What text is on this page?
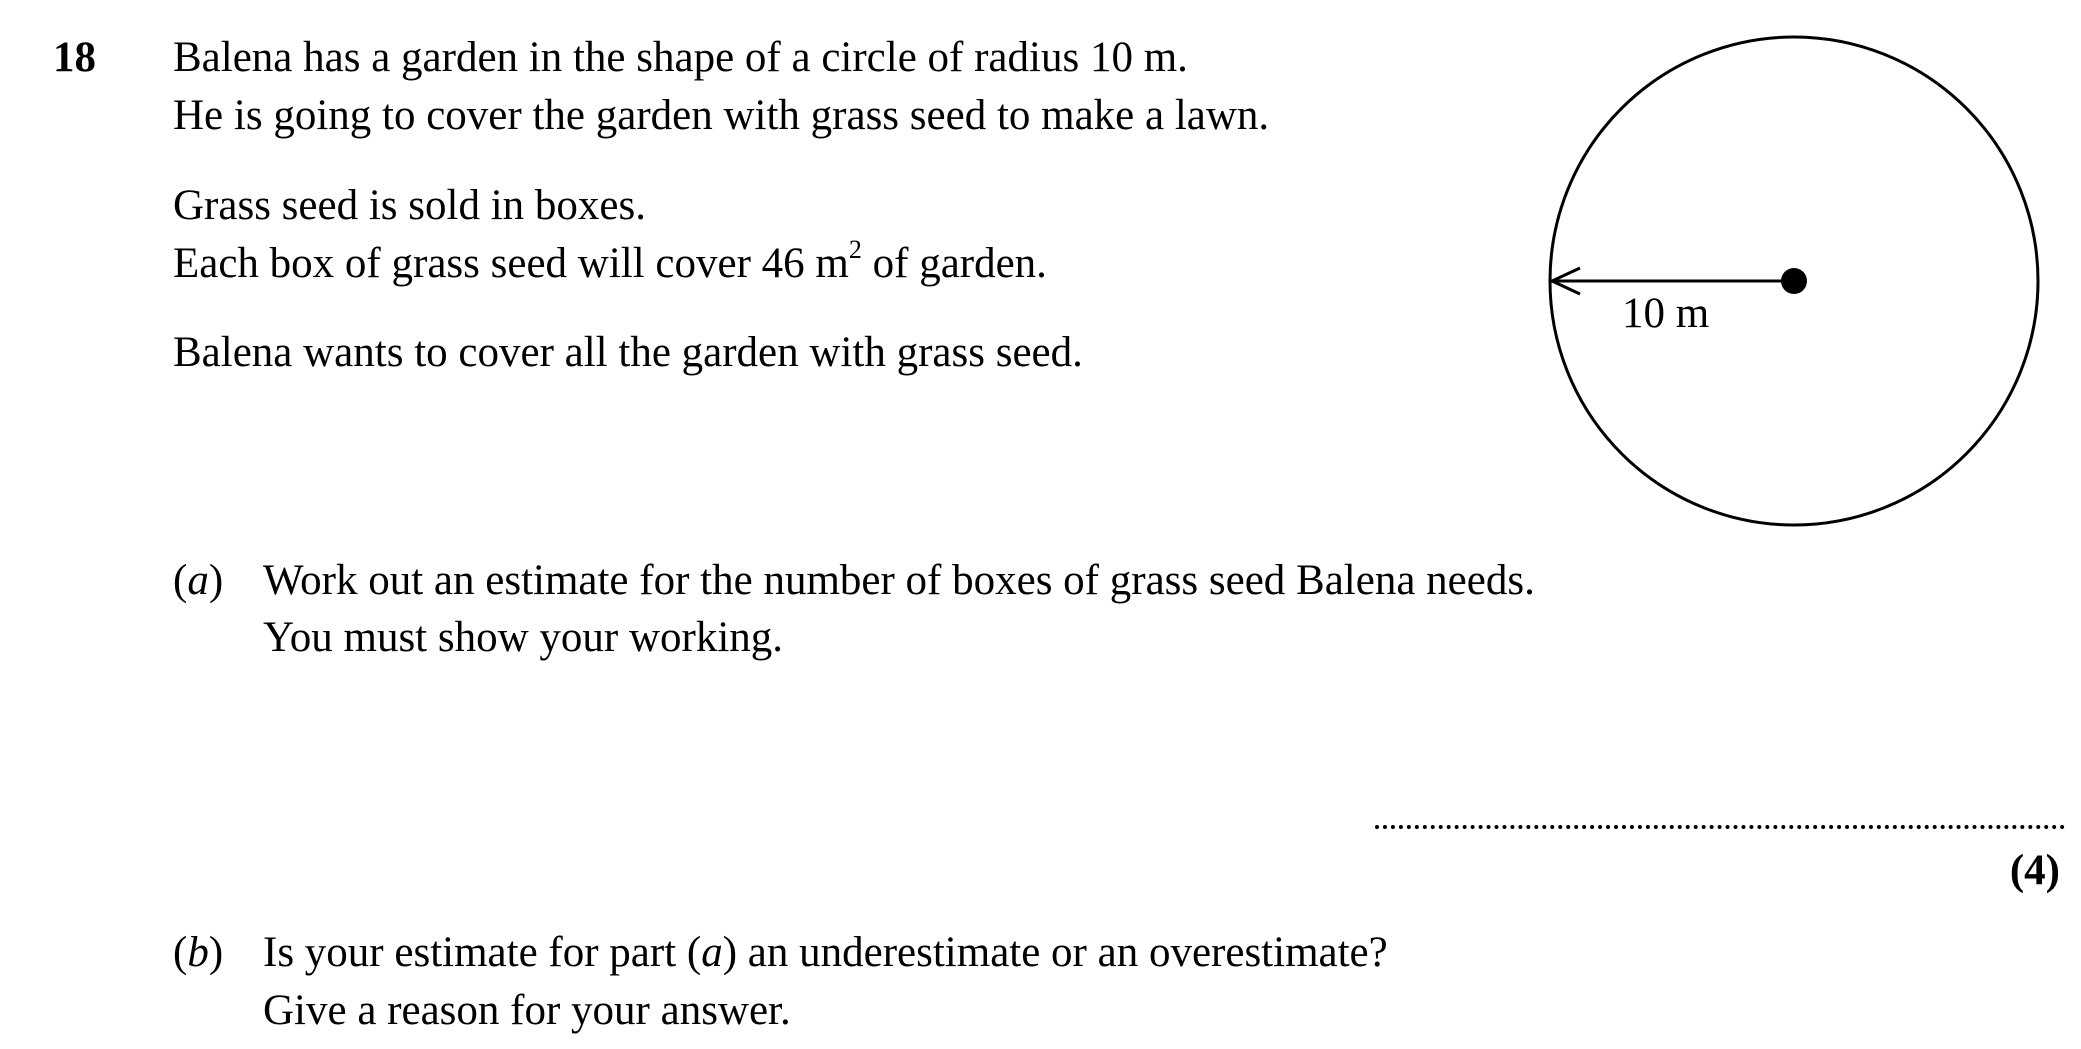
18 Balena has a garden in the shape of a circle of radius 10 m.
He is going to cover the garden with grass seed to make a lawn.
Grass seed is sold in boxes.
Each box of grass seed will cover 46 $m^2$ of garden.
Balena wants to cover all the garden with grass seed.
10 m
(a) Work out an estimate for the number of boxes of grass seed Balena needs.
You must show your working.
(4)
(b) Is your estimate for part (a) an underestimate or an overestimate?
Give a reason for your answer.
